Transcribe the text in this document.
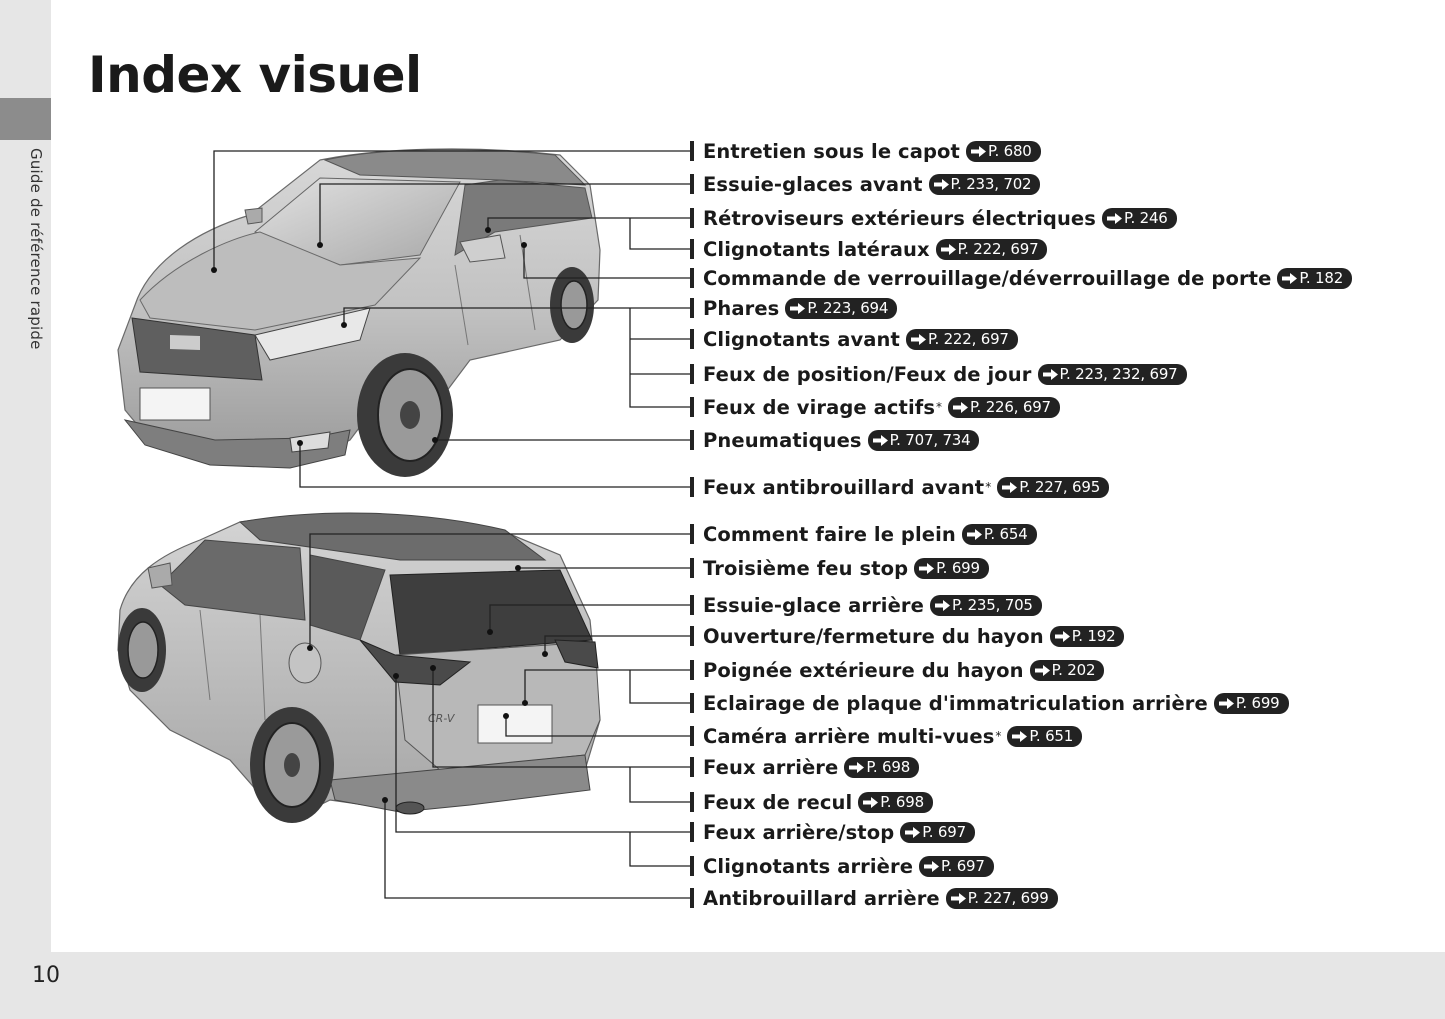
Guide de référence rapide
10
Index visuel
CR-V
Entretien sous le capot P. 680
Essuie-glaces avant P. 233, 702
Rétroviseurs extérieurs électriques P. 246
Clignotants latéraux P. 222, 697
Commande de verrouillage/déverrouillage de porte P. 182
Phares P. 223, 694
Clignotants avant P. 222, 697
Feux de position/Feux de jour P. 223, 232, 697
Feux de virage actifs * P. 226, 697
Pneumatiques P. 707, 734
Feux antibrouillard avant * P. 227, 695
Comment faire le plein P. 654
Troisième feu stop P. 699
Essuie-glace arrière P. 235, 705
Ouverture/fermeture du hayon P. 192
Poignée extérieure du hayon P. 202
Eclairage de plaque d'immatriculation arrière P. 699
Caméra arrière multi-vues * P. 651
Feux arrière P. 698
Feux de recul P. 698
Feux arrière/stop P. 697
Clignotants arrière P. 697
Antibrouillard arrière P. 227, 699
